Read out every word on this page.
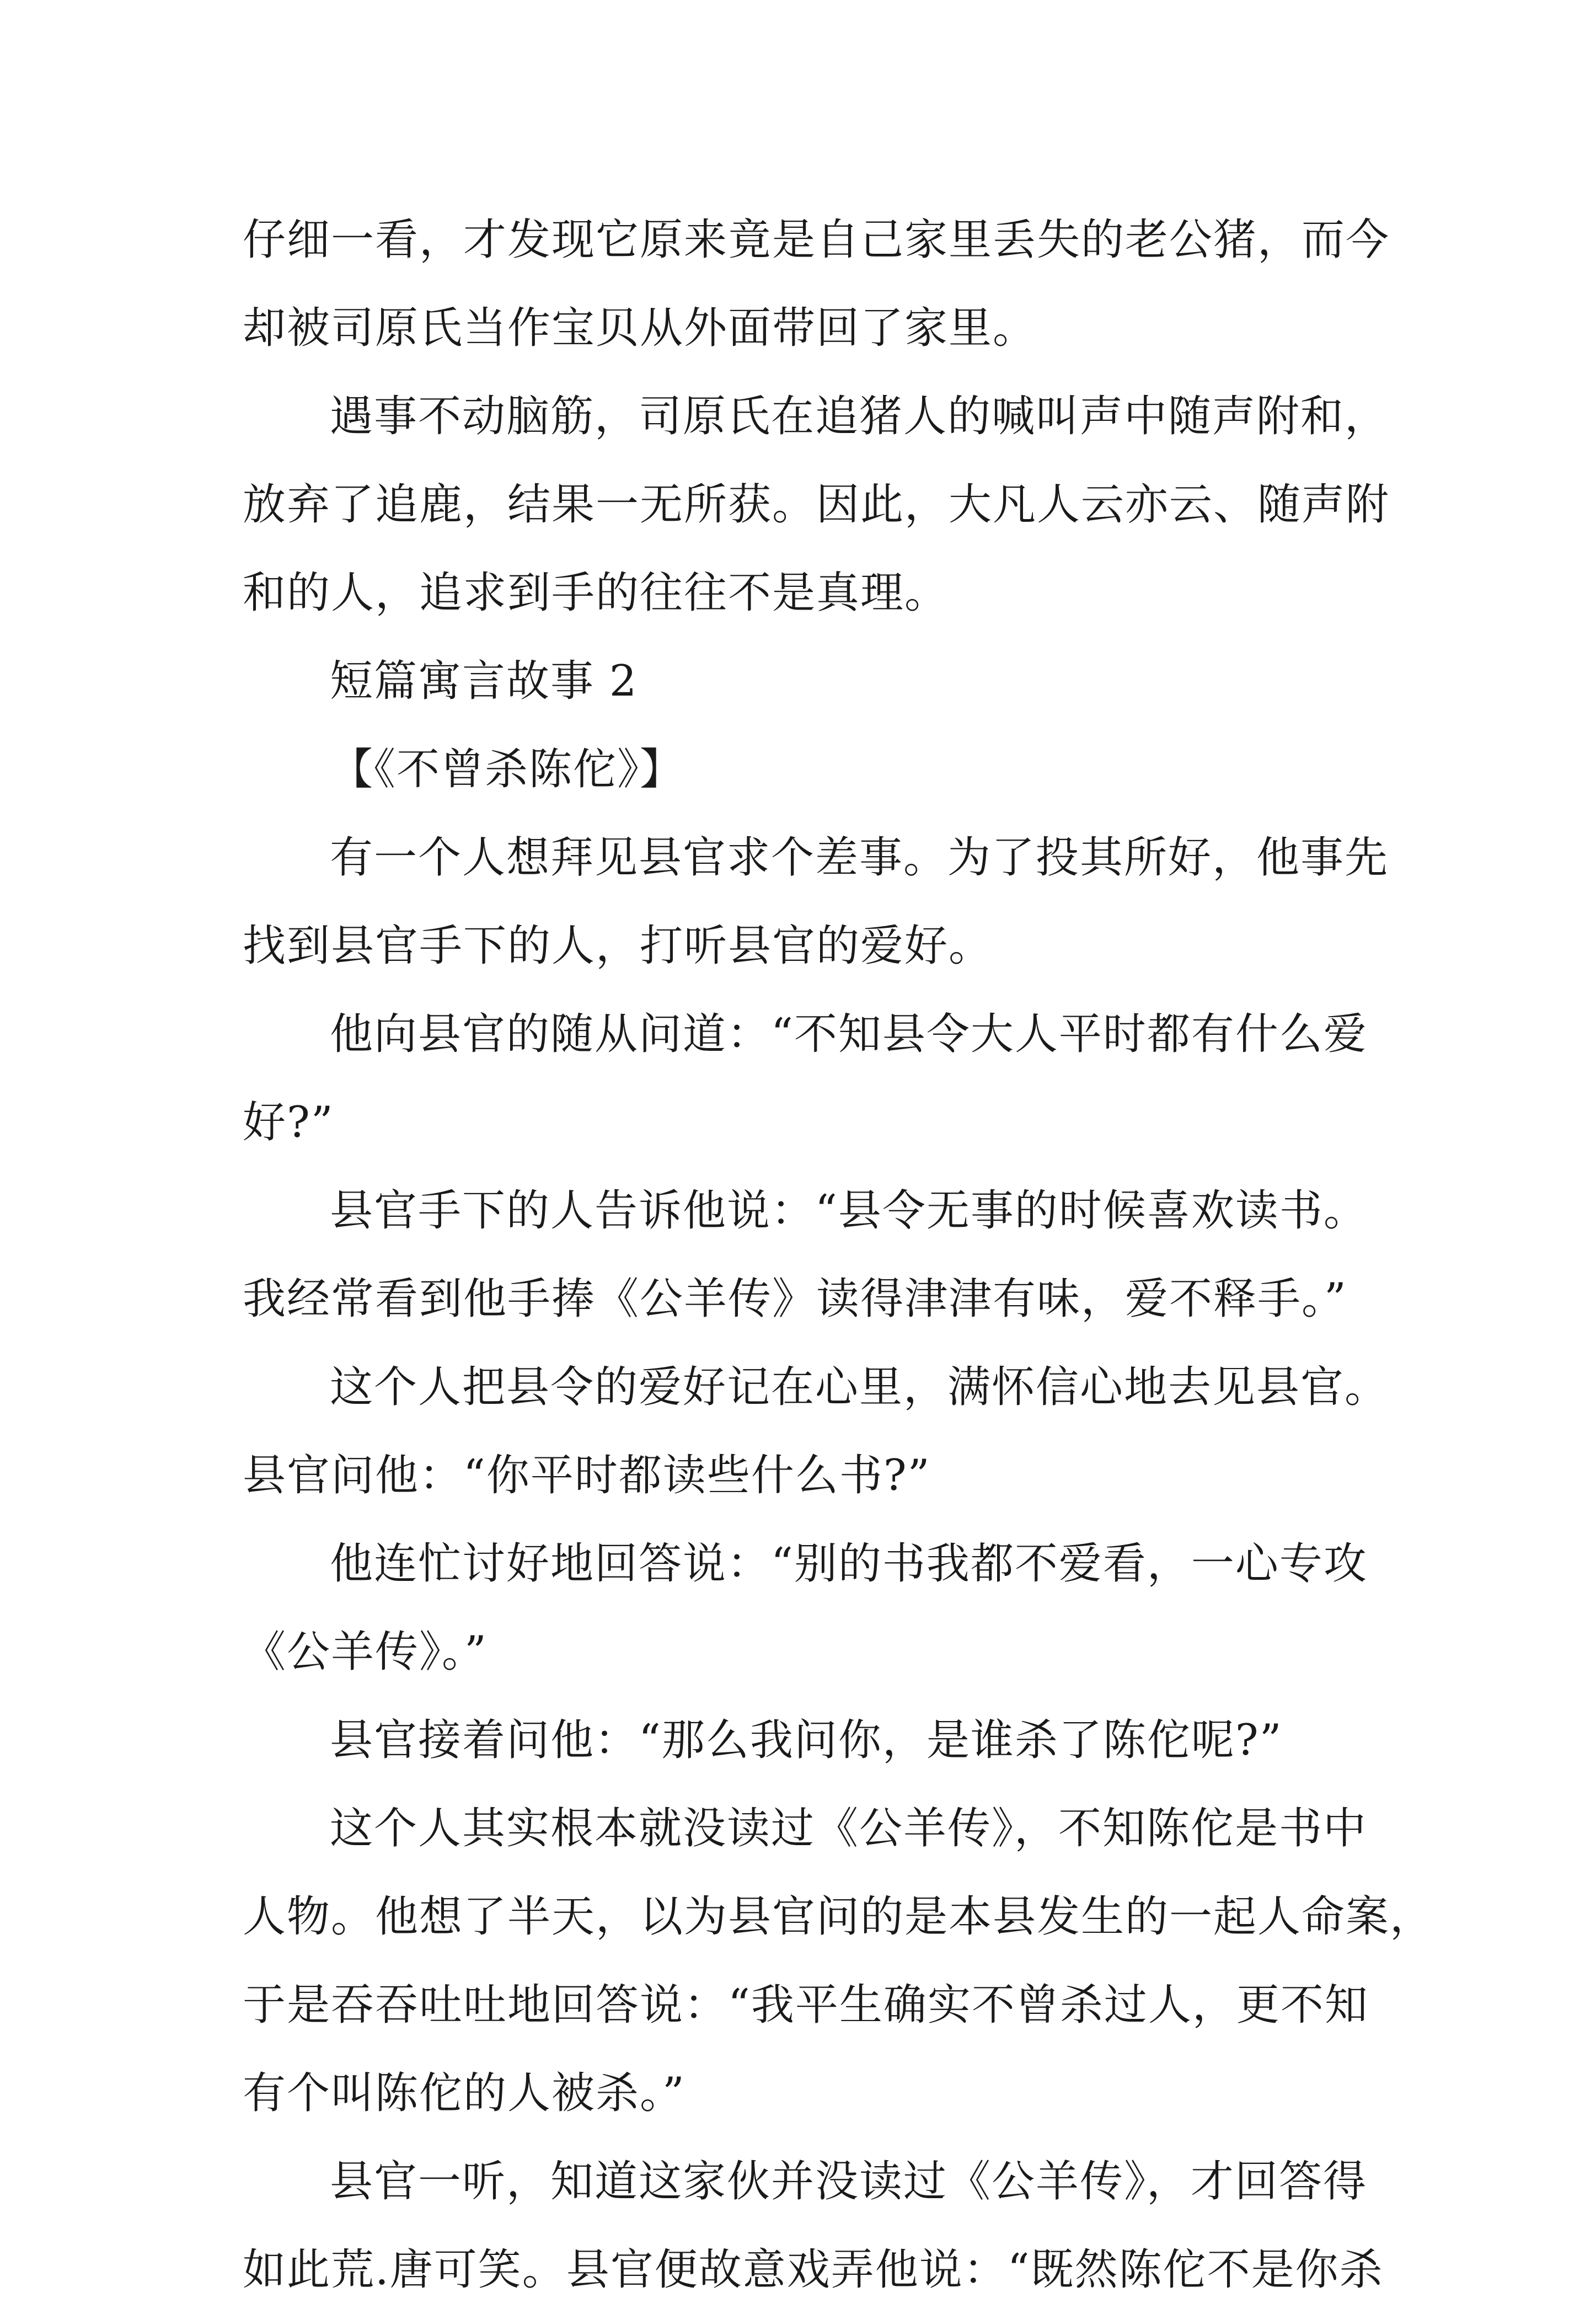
仔细一看，才发现它原来竟是自己家里丢失的老公猪，而今
却被司原氏当作宝贝从外面带回了家里。
遇事不动脑筋，司原氏在追猪人的喊叫声中随声附和，
放弃了追鹿，结果一无所获。因此，大凡人云亦云、随声附
和的人，追求到手的往往不是真理。
短篇寓言故事 2
【《不曾杀陈佗》】
有一个人想拜见县官求个差事。为了投其所好，他事先
找到县官手下的人，打听县官的爱好。
他向县官的随从问道：“不知县令大人平时都有什么爱
好?”
县官手下的人告诉他说：“县令无事的时候喜欢读书。
我经常看到他手捧《公羊传》读得津津有味，爱不释手。”
这个人把县令的爱好记在心里，满怀信心地去见县官。
县官问他：“你平时都读些什么书?”
他连忙讨好地回答说：“别的书我都不爱看，一心专攻
《公羊传》。”
县官接着问他：“那么我问你，是谁杀了陈佗呢?”
这个人其实根本就没读过《公羊传》，不知陈佗是书中
人物。他想了半天，以为县官问的是本县发生的一起人命案，
于是吞吞吐吐地回答说：“我平生确实不曾杀过人，更不知
有个叫陈佗的人被杀。”
县官一听，知道这家伙并没读过《公羊传》，才回答得
如此荒.唐可笑。县官便故意戏弄他说：“既然陈佗不是你杀
